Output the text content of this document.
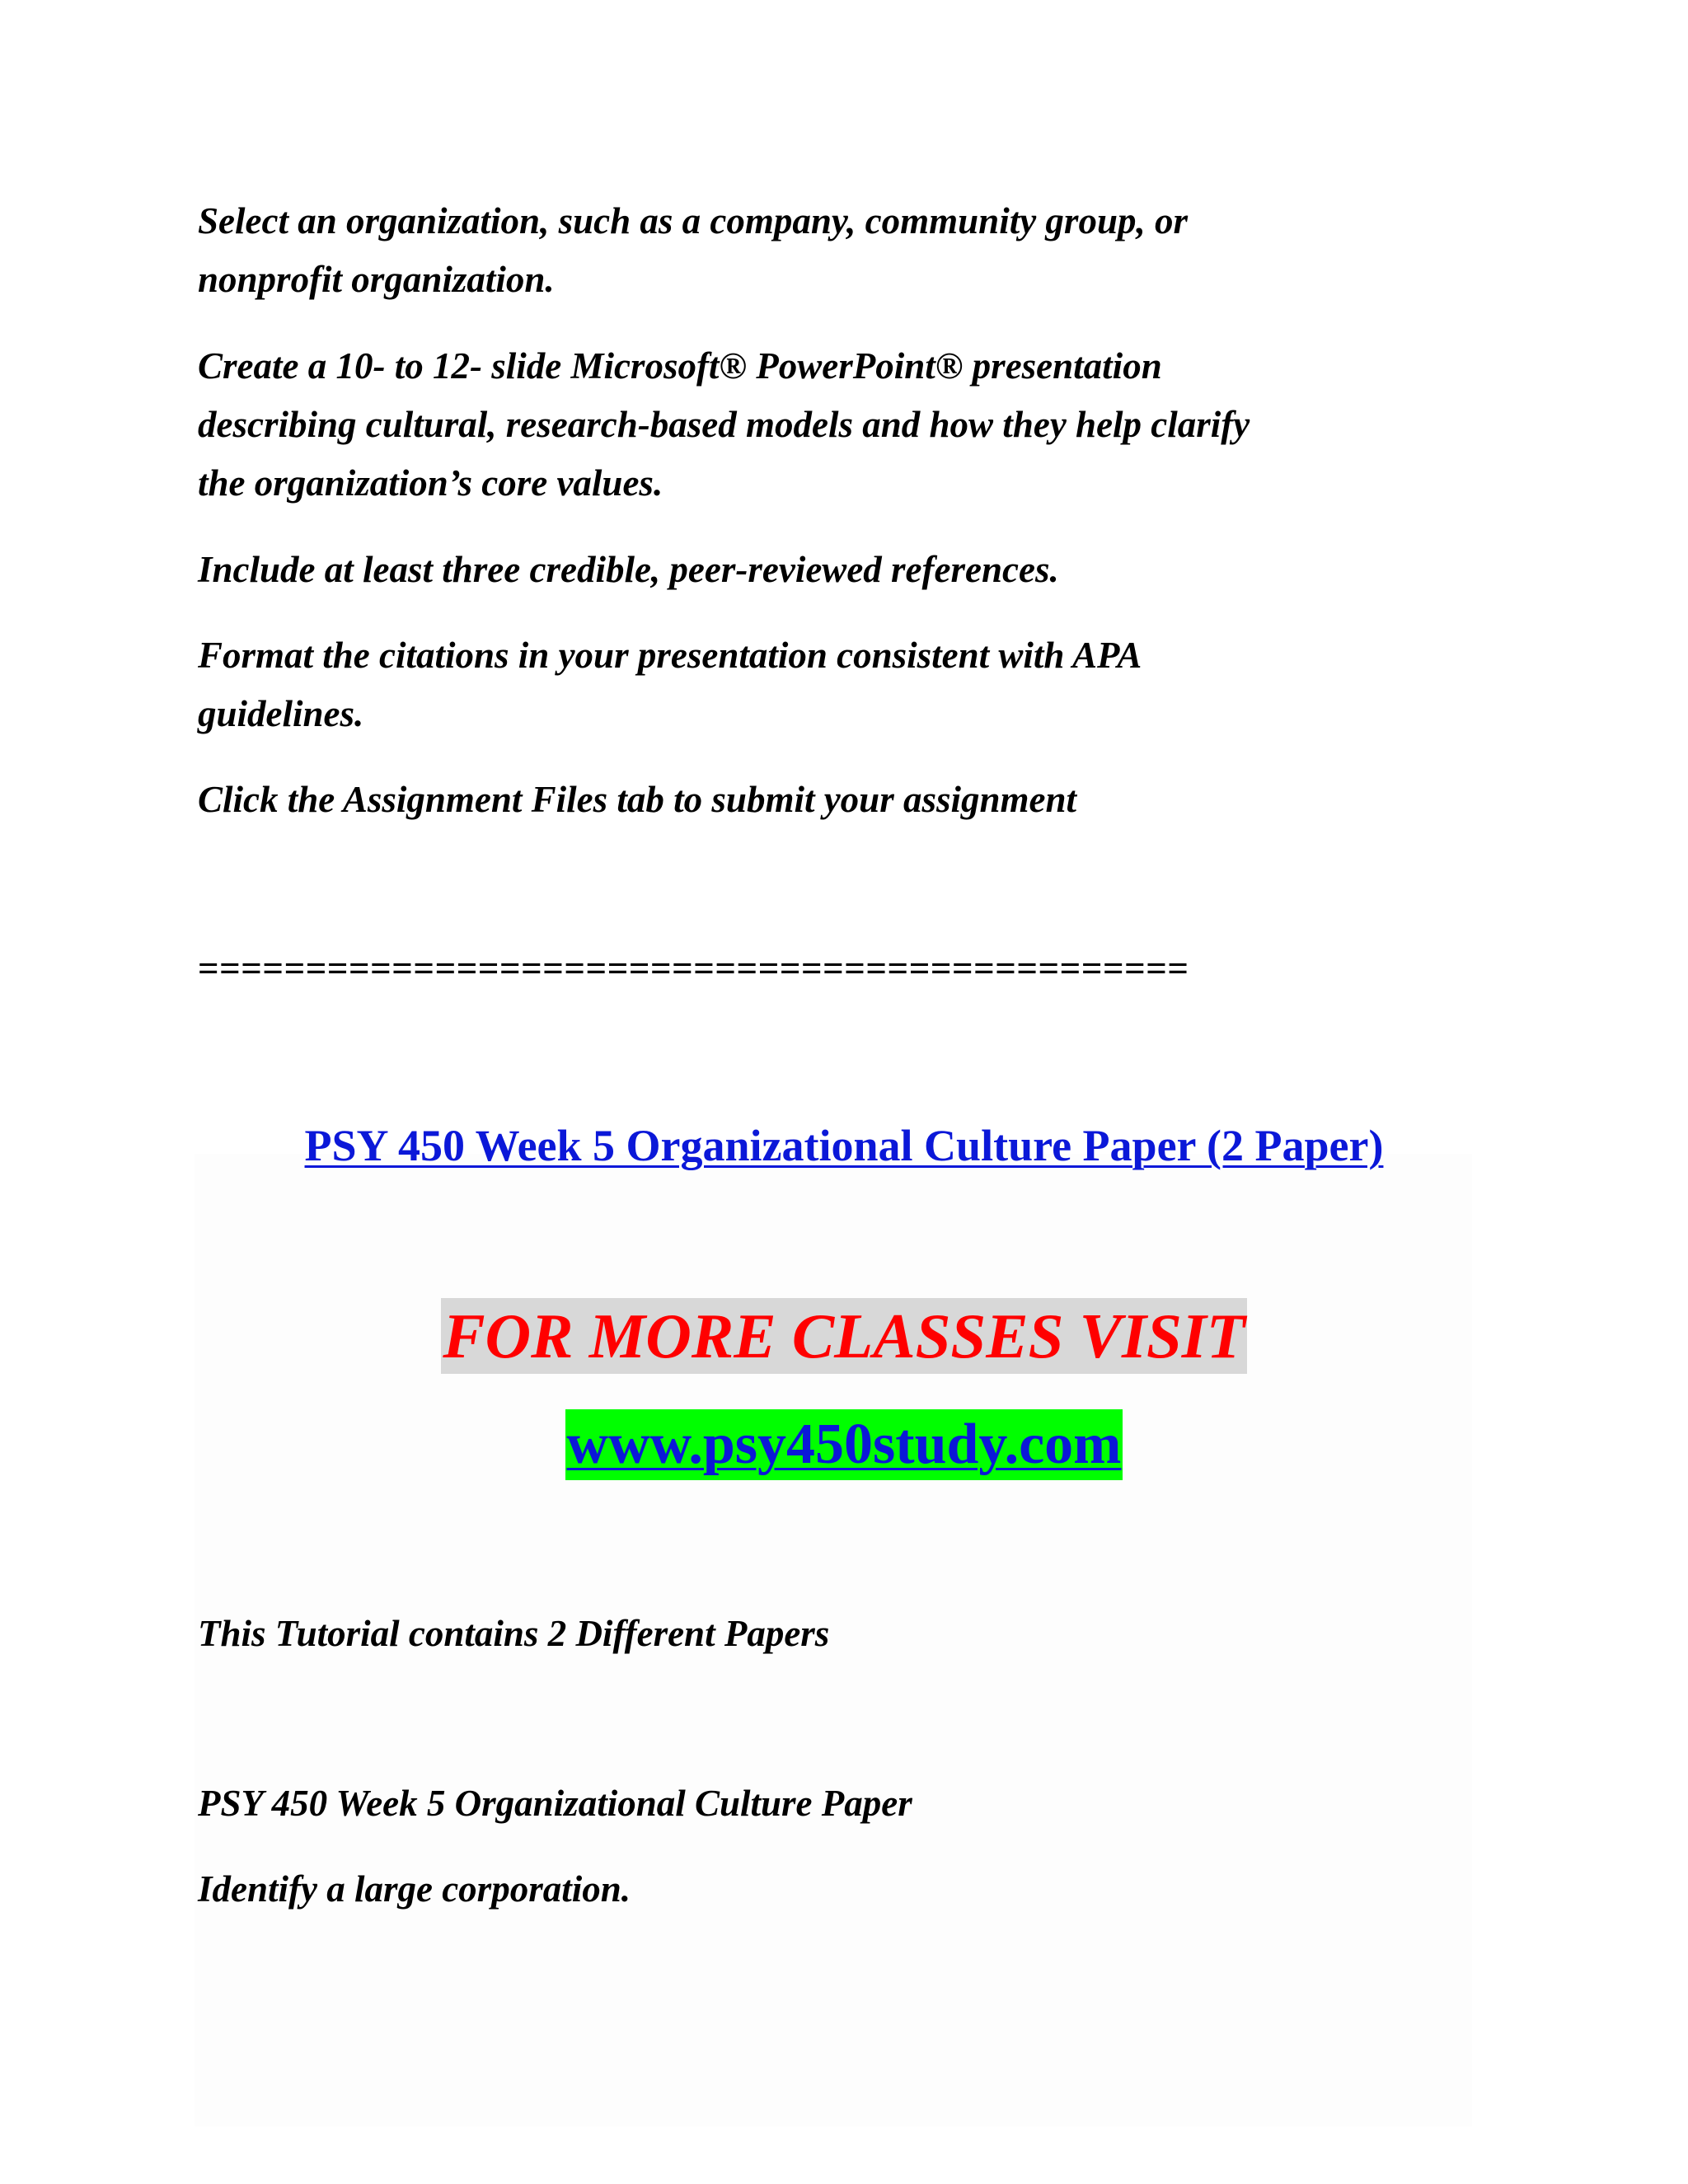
Select an organization, such as a company, community group, or

nonprofit organization.

Create a 10- to 12- slide Microsoft® PowerPoint® presentation

describing cultural, research-based models and how they help clarify

the organization’s core values.

Include at least three credible, peer-reviewed references.

Format the citations in your presentation consistent with APA

guidelines.

Click the Assignment Files tab to submit your assignment

==============================================

PSY 450 Week 5 Organizational Culture Paper (2 Paper)

FOR MORE CLASSES VISIT
www.psy450study.com

This Tutorial contains 2 Different Papers

PSY 450 Week 5 Organizational Culture Paper

Identify a large corporation.
